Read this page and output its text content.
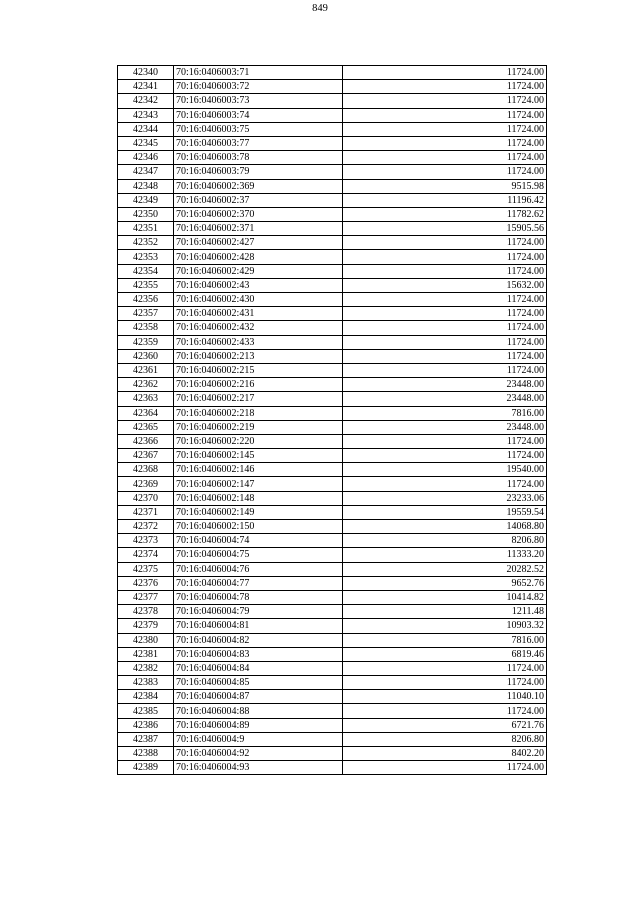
849
42340	70:16:0406003:71	11724.00
42341	70:16:0406003:72	11724.00
42342	70:16:0406003:73	11724.00
42343	70:16:0406003:74	11724.00
42344	70:16:0406003:75	11724.00
42345	70:16:0406003:77	11724.00
42346	70:16:0406003:78	11724.00
42347	70:16:0406003:79	11724.00
42348	70:16:0406002:369	9515.98
42349	70:16:0406002:37	11196.42
42350	70:16:0406002:370	11782.62
42351	70:16:0406002:371	15905.56
42352	70:16:0406002:427	11724.00
42353	70:16:0406002:428	11724.00
42354	70:16:0406002:429	11724.00
42355	70:16:0406002:43	15632.00
42356	70:16:0406002:430	11724.00
42357	70:16:0406002:431	11724.00
42358	70:16:0406002:432	11724.00
42359	70:16:0406002:433	11724.00
42360	70:16:0406002:213	11724.00
42361	70:16:0406002:215	11724.00
42362	70:16:0406002:216	23448.00
42363	70:16:0406002:217	23448.00
42364	70:16:0406002:218	7816.00
42365	70:16:0406002:219	23448.00
42366	70:16:0406002:220	11724.00
42367	70:16:0406002:145	11724.00
42368	70:16:0406002:146	19540.00
42369	70:16:0406002:147	11724.00
42370	70:16:0406002:148	23233.06
42371	70:16:0406002:149	19559.54
42372	70:16:0406002:150	14068.80
42373	70:16:0406004:74	8206.80
42374	70:16:0406004:75	11333.20
42375	70:16:0406004:76	20282.52
42376	70:16:0406004:77	9652.76
42377	70:16:0406004:78	10414.82
42378	70:16:0406004:79	1211.48
42379	70:16:0406004:81	10903.32
42380	70:16:0406004:82	7816.00
42381	70:16:0406004:83	6819.46
42382	70:16:0406004:84	11724.00
42383	70:16:0406004:85	11724.00
42384	70:16:0406004:87	11040.10
42385	70:16:0406004:88	11724.00
42386	70:16:0406004:89	6721.76
42387	70:16:0406004:9	8206.80
42388	70:16:0406004:92	8402.20
42389	70:16:0406004:93	11724.00
